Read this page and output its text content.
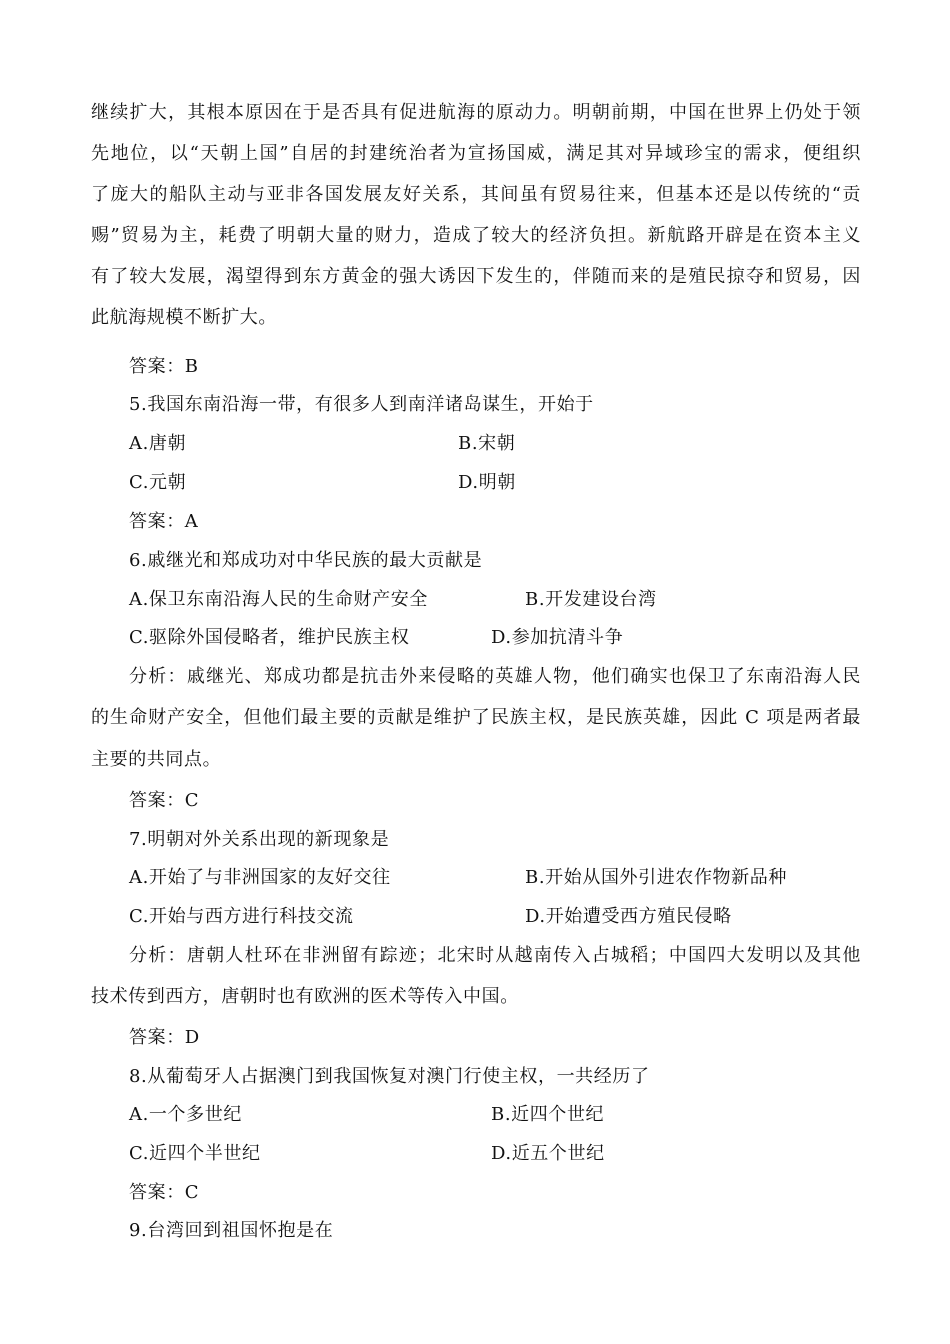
继续扩大，其根本原因在于是否具有促进航海的原动力。明朝前期，中国在世界上仍处于领
先地位，以“天朝上国”自居的封建统治者为宣扬国威，满足其对异域珍宝的需求，便组织
了庞大的船队主动与亚非各国发展友好关系，其间虽有贸易往来，但基本还是以传统的“贡
赐”贸易为主，耗费了明朝大量的财力，造成了较大的经济负担。新航路开辟是在资本主义
有了较大发展，渴望得到东方黄金的强大诱因下发生的，伴随而来的是殖民掠夺和贸易，因
此航海规模不断扩大。
答案：B
5.我国东南沿海一带，有很多人到南洋诸岛谋生，开始于
A.唐朝	B.宋朝
C.元朝	D.明朝
答案：A
6.戚继光和郑成功对中华民族的最大贡献是
A.保卫东南沿海人民的生命财产安全	B.开发建设台湾
C.驱除外国侵略者，维护民族主权	D.参加抗清斗争
分析：戚继光、郑成功都是抗击外来侵略的英雄人物，他们确实也保卫了东南沿海人民
的生命财产安全，但他们最主要的贡献是维护了民族主权，是民族英雄，因此 C 项是两者最
主要的共同点。
答案：C
7.明朝对外关系出现的新现象是
A.开始了与非洲国家的友好交往	B.开始从国外引进农作物新品种
C.开始与西方进行科技交流	D.开始遭受西方殖民侵略
分析：唐朝人杜环在非洲留有踪迹；北宋时从越南传入占城稻；中国四大发明以及其他
技术传到西方，唐朝时也有欧洲的医术等传入中国。
答案：D
8.从葡萄牙人占据澳门到我国恢复对澳门行使主权，一共经历了
A.一个多世纪	B.近四个世纪
C.近四个半世纪	D.近五个世纪
答案：C
9.台湾回到祖国怀抱是在
